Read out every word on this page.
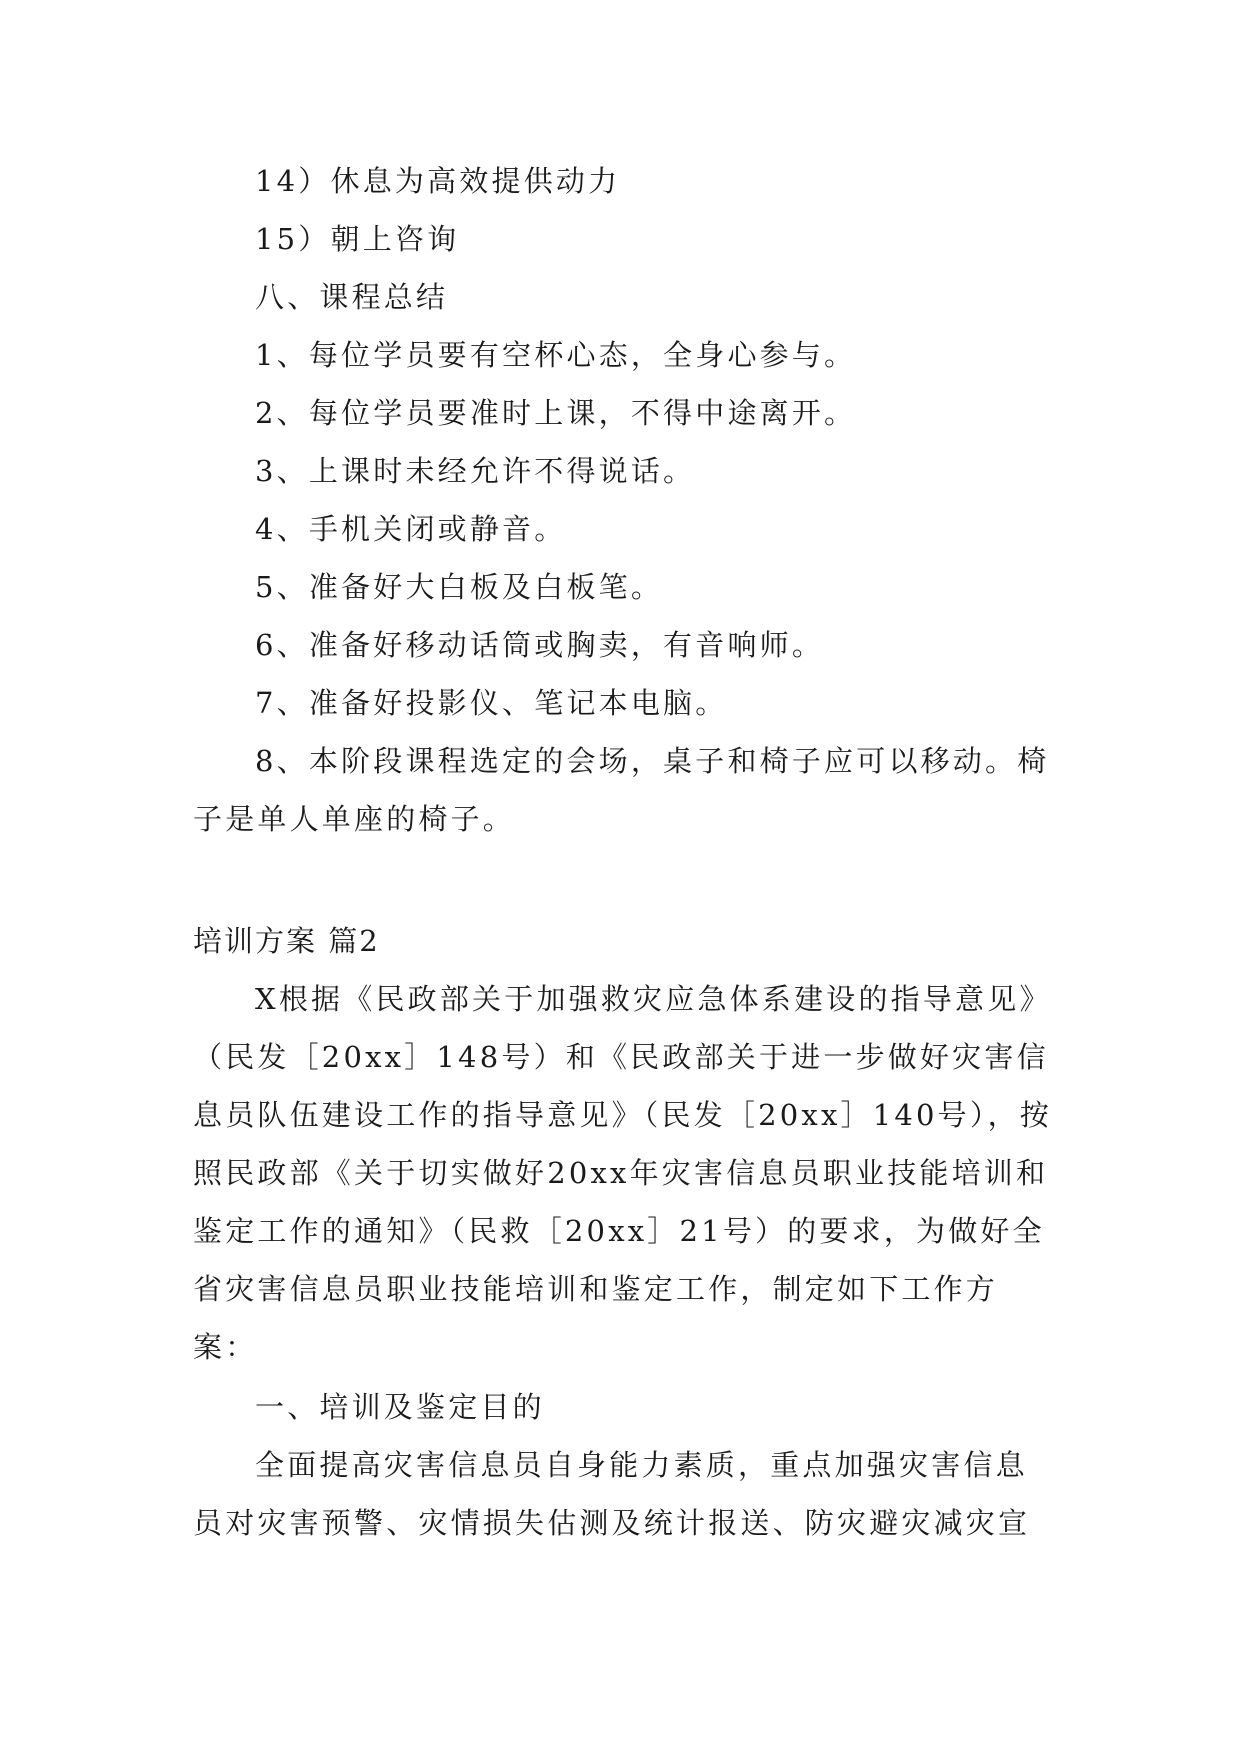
14）休息为高效提供动力

15）朝上咨询

八、课程总结

1、每位学员要有空杯心态，全身心参与。

2、每位学员要准时上课，不得中途离开。

3、上课时未经允许不得说话。

4、手机关闭或静音。

5、准备好大白板及白板笔。

6、准备好移动话筒或胸卖，有音响师。

7、准备好投影仪、笔记本电脑。

8、本阶段课程选定的会场，桌子和椅子应可以移动。椅子是单人单座的椅子。

培训方案 篇2

X根据《民政部关于加强救灾应急体系建设的指导意见》（民发［20xx］148号）和《民政部关于进一步做好灾害信息员队伍建设工作的指导意见》（民发［20xx］140号），按照民政部《关于切实做好20xx年灾害信息员职业技能培训和鉴定工作的通知》（民救［20xx］21号）的要求，为做好全省灾害信息员职业技能培训和鉴定工作，制定如下工作方案：

一、培训及鉴定目的

全面提高灾害信息员自身能力素质，重点加强灾害信息员对灾害预警、灾情损失估测及统计报送、防灾避灾减灾宣
